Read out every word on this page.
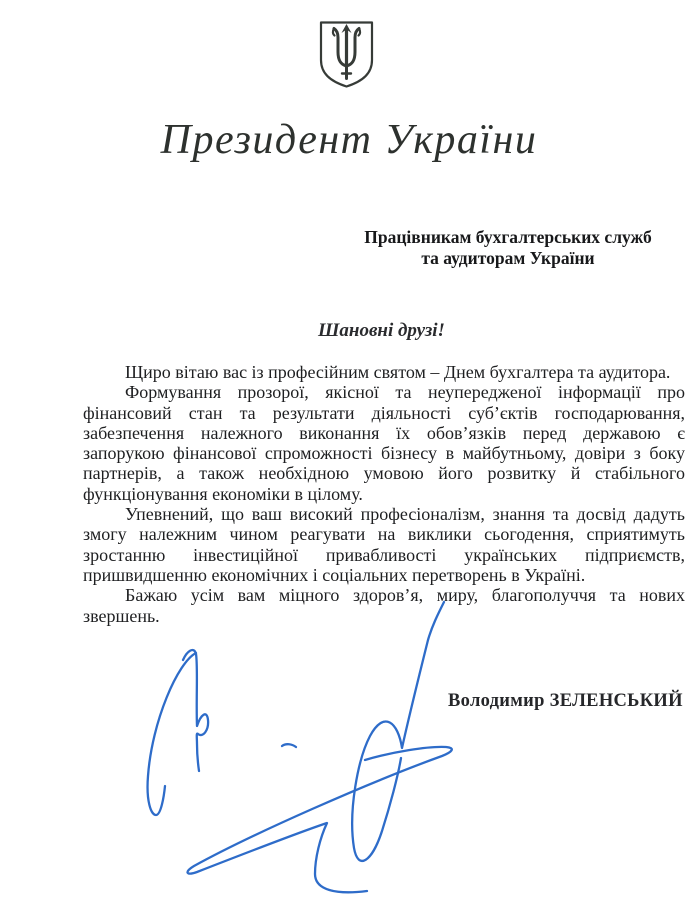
Президент України
Працівникам бухгалтерських служб
та аудиторам України
Шановні друзі!

Щиро вітаю вас із професійним святом – Днем бухгалтера та аудитора.

Формування прозорої, якісної та неупередженої інформації про фінансовий стан та результати діяльності суб’єктів господарювання, забезпечення належного виконання їх обов’язків перед державою є запорукою фінансової спроможності бізнесу в майбутньому, довіри з боку партнерів, а також необхідною умовою його розвитку й стабільного функціонування економіки в цілому.

Упевнений, що ваш високий професіоналізм, знання та досвід дадуть змогу належним чином реагувати на виклики сьогодення, сприятимуть зростанню інвестиційної привабливості українських підприємств, пришвидшенню економічних і соціальних перетворень в Україні.

Бажаю усім вам міцного здоров’я, миру, благополуччя та нових звершень.

Володимир ЗЕЛЕНСЬКИЙ
